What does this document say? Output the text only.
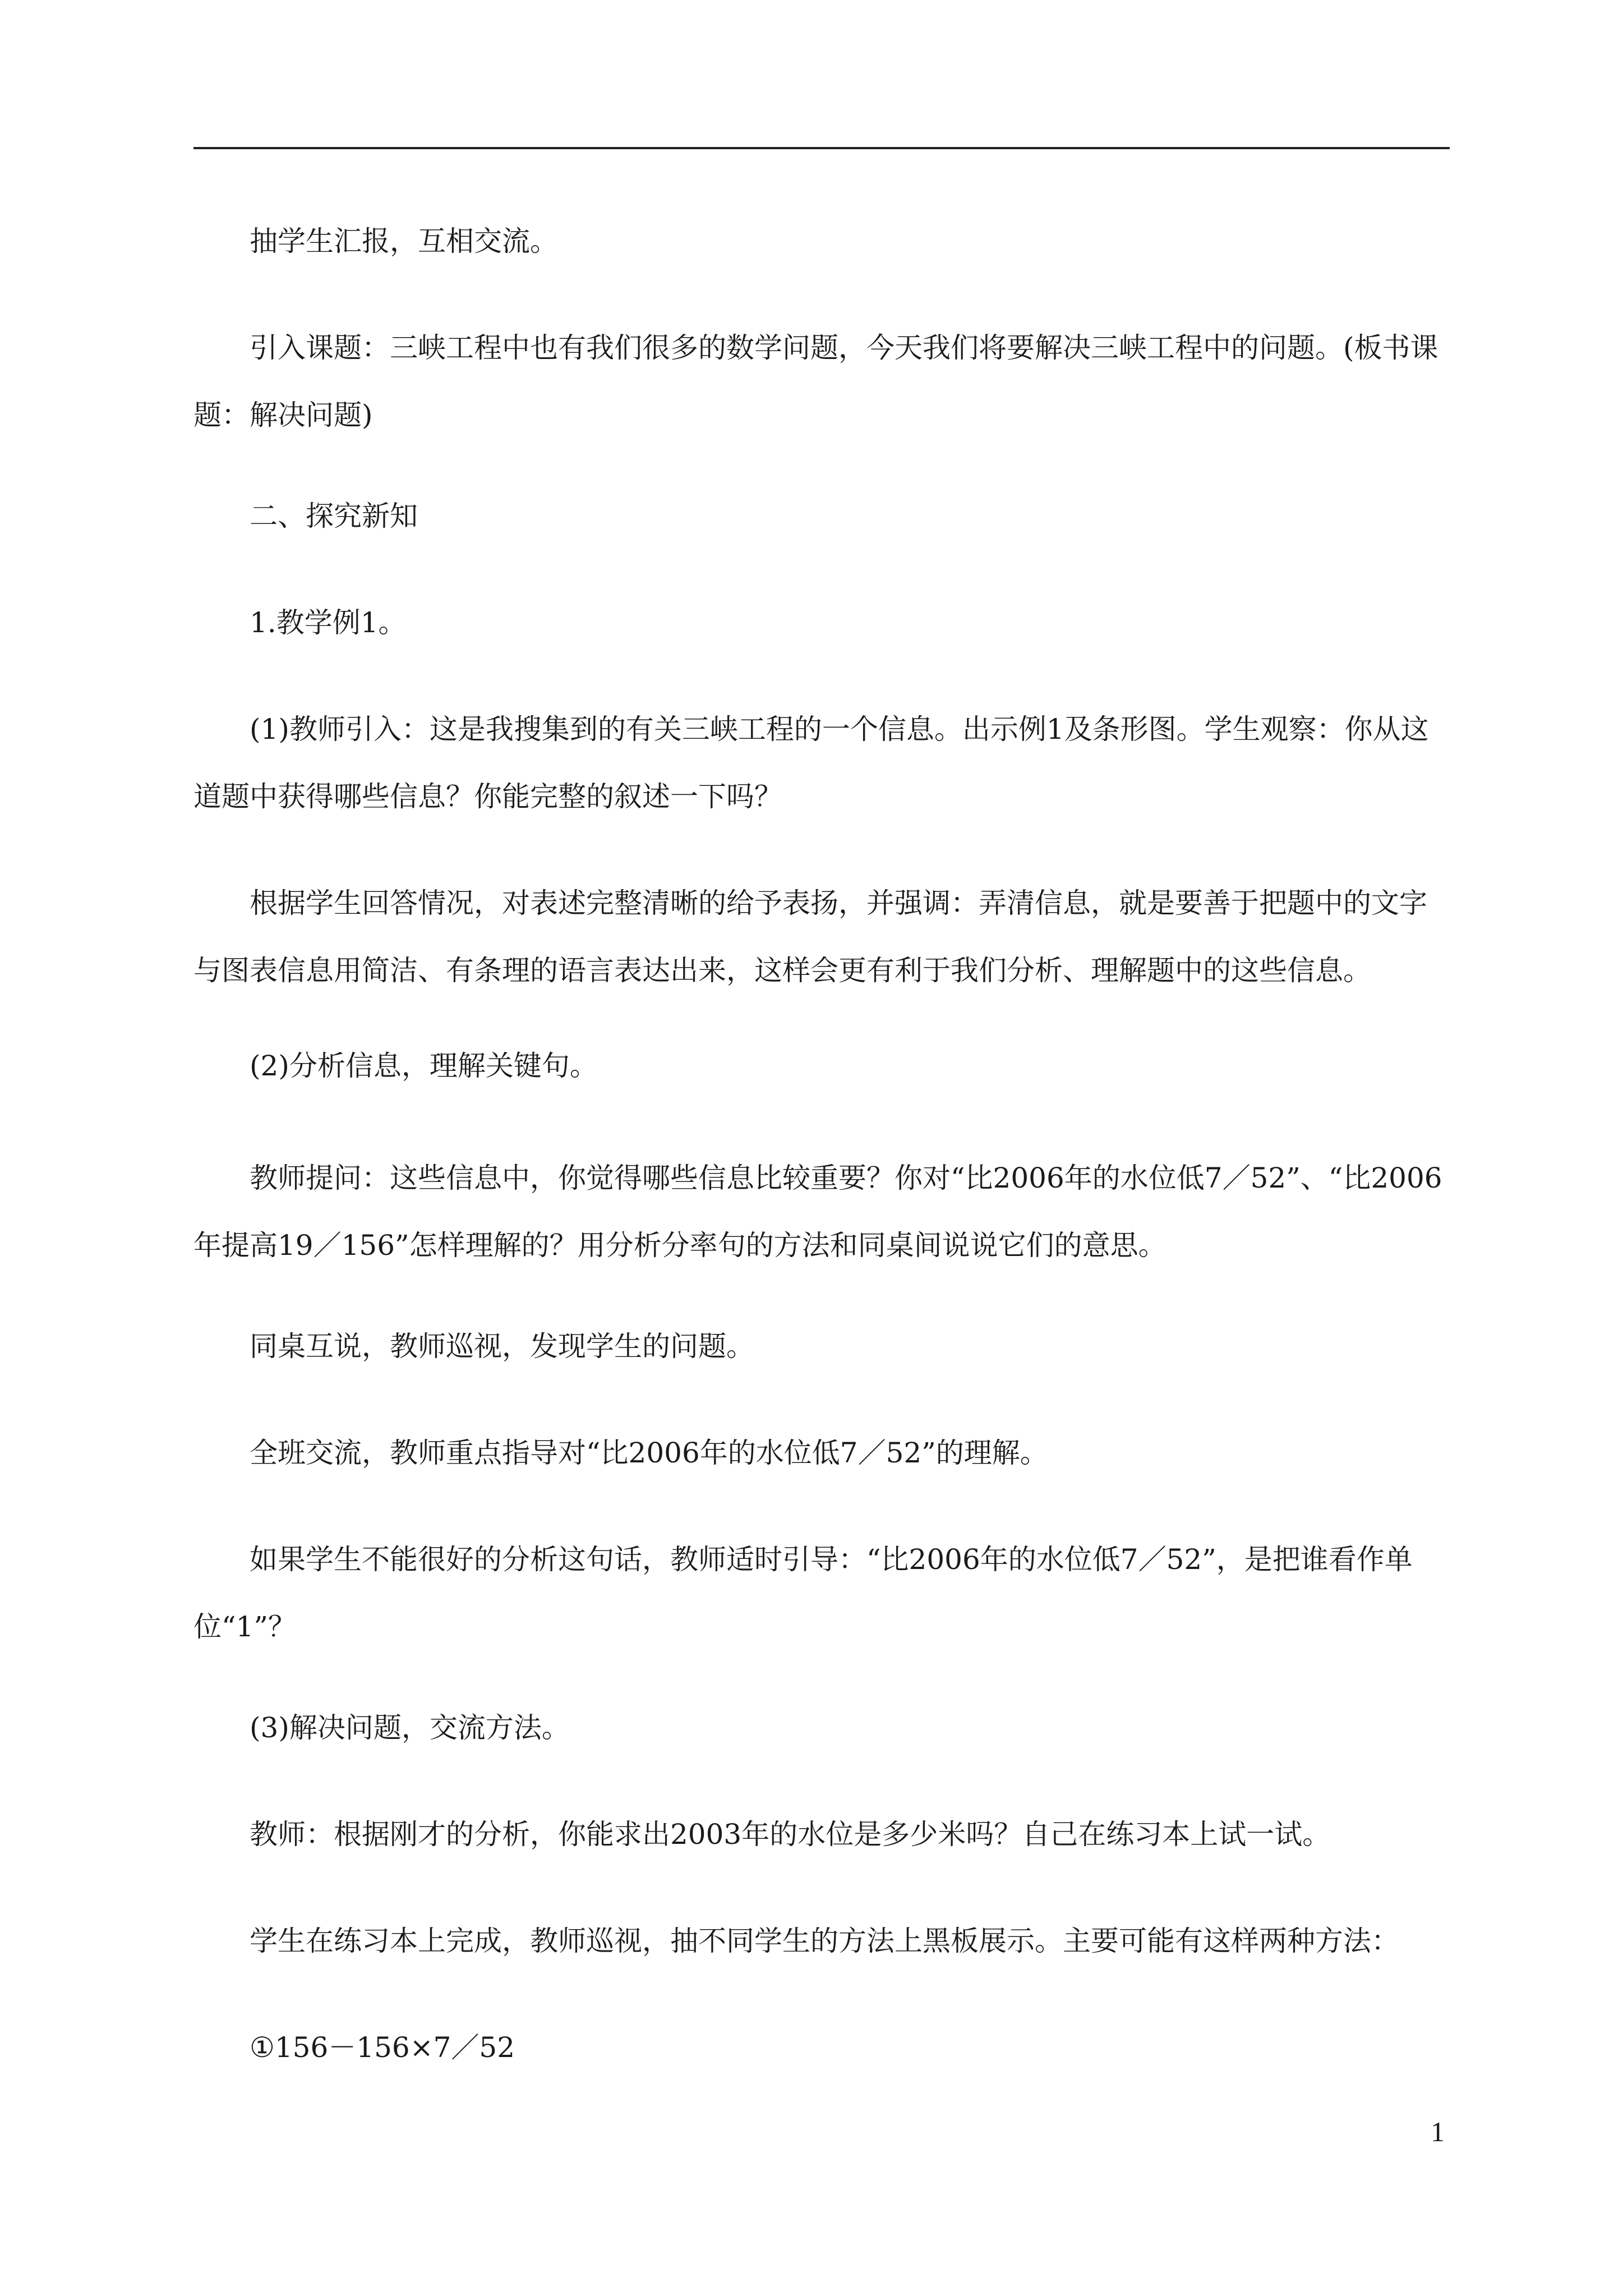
抽学生汇报，互相交流。

引入课题：三峡工程中也有我们很多的数学问题，今天我们将要解决三峡工程中的问题。(板书课题：解决问题)

二、探究新知

1.教学例1。

(1)教师引入：这是我搜集到的有关三峡工程的一个信息。出示例1及条形图。学生观察：你从这道题中获得哪些信息？你能完整的叙述一下吗？

根据学生回答情况，对表述完整清晰的给予表扬，并强调：弄清信息，就是要善于把题中的文字与图表信息用简洁、有条理的语言表达出来，这样会更有利于我们分析、理解题中的这些信息。

(2)分析信息，理解关键句。

教师提问：这些信息中，你觉得哪些信息比较重要？你对“比2006年的水位低7／52”、“比2006年提高19／156”怎样理解的？用分析分率句的方法和同桌间说说它们的意思。

同桌互说，教师巡视，发现学生的问题。

全班交流，教师重点指导对“比2006年的水位低7／52”的理解。

如果学生不能很好的分析这句话，教师适时引导：“比2006年的水位低7／52”，是把谁看作单位“1”？

(3)解决问题，交流方法。

教师：根据刚才的分析，你能求出2003年的水位是多少米吗？自己在练习本上试一试。

学生在练习本上完成，教师巡视，抽不同学生的方法上黑板展示。主要可能有这样两种方法：

①156－156×7／52

1
